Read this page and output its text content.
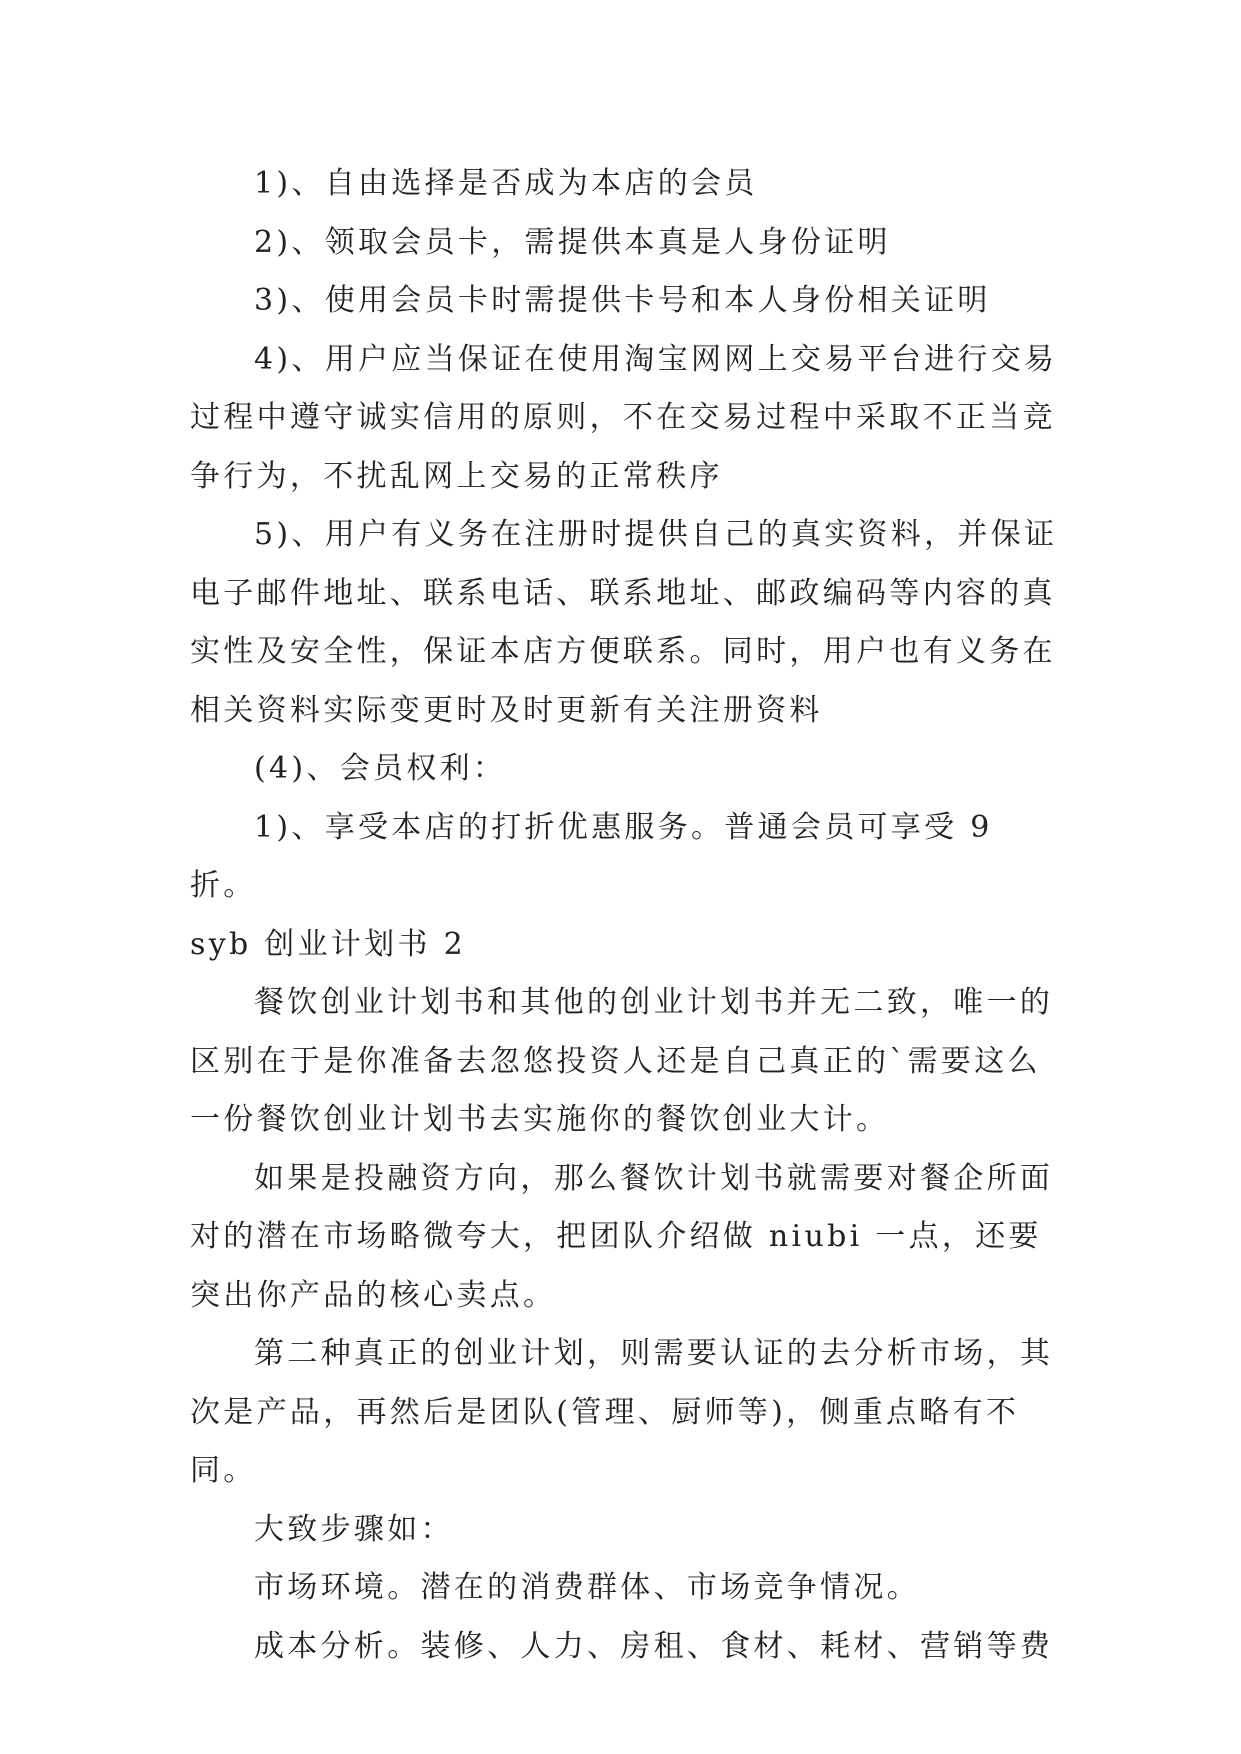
1)、自由选择是否成为本店的会员

2)、领取会员卡，需提供本真是人身份证明

3)、使用会员卡时需提供卡号和本人身份相关证明

4)、用户应当保证在使用淘宝网网上交易平台进行交易过程中遵守诚实信用的原则，不在交易过程中采取不正当竞争行为，不扰乱网上交易的正常秩序

5)、用户有义务在注册时提供自己的真实资料，并保证电子邮件地址、联系电话、联系地址、邮政编码等内容的真实性及安全性，保证本店方便联系。同时，用户也有义务在相关资料实际变更时及时更新有关注册资料

(4)、会员权利：

1)、享受本店的打折优惠服务。普通会员可享受 9 折。

syb 创业计划书 2

餐饮创业计划书和其他的创业计划书并无二致，唯一的区别在于是你准备去忽悠投资人还是自己真正的`需要这么一份餐饮创业计划书去实施你的餐饮创业大计。

如果是投融资方向，那么餐饮计划书就需要对餐企所面对的潜在市场略微夸大，把团队介绍做 niubi 一点，还要突出你产品的核心卖点。

第二种真正的创业计划，则需要认证的去分析市场，其次是产品，再然后是团队(管理、厨师等)，侧重点略有不同。

大致步骤如：

市场环境。潜在的消费群体、市场竞争情况。

成本分析。装修、人力、房租、食材、耗材、营销等费
